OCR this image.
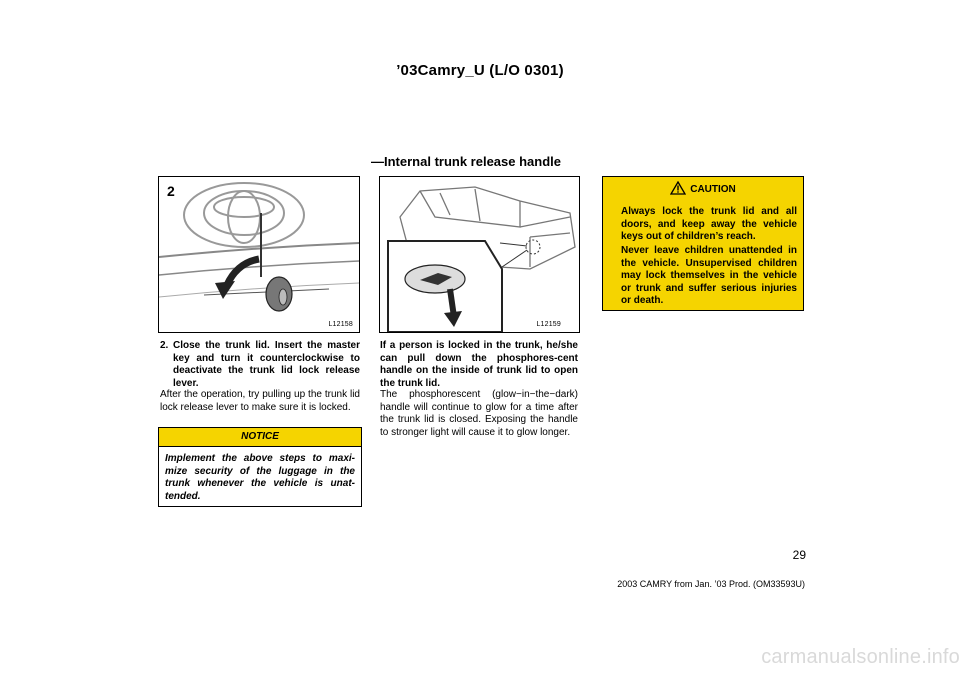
’03Camry_U (L/O 0301)
—Internal trunk release handle
2
L12158	L12159
2. Close the trunk lid. Insert the master key and turn it counterclockwise to deactivate the trunk lid lock release lever.
After the operation, try pulling up the trunk lid lock release lever to make sure it is locked.
NOTICE
Implement the above steps to maxi-mize security of the luggage in the trunk whenever the vehicle is unat-tended.
If a person is locked in the trunk, he/she can pull down the phosphores-cent handle on the inside of trunk lid to open the trunk lid.
The phosphorescent (glow−in−the−dark) handle will continue to glow for a time after the trunk lid is closed. Exposing the handle to stronger light will cause it to glow longer.
CAUTION
Always lock the trunk lid and all doors, and keep away the vehicle keys out of children’s reach.
Never leave children unattended in the vehicle. Unsupervised children may lock themselves in the vehicle or trunk and suffer serious injuries or death.
29
2003 CAMRY from Jan. ’03 Prod. (OM33593U)
carmanualsonline.info
